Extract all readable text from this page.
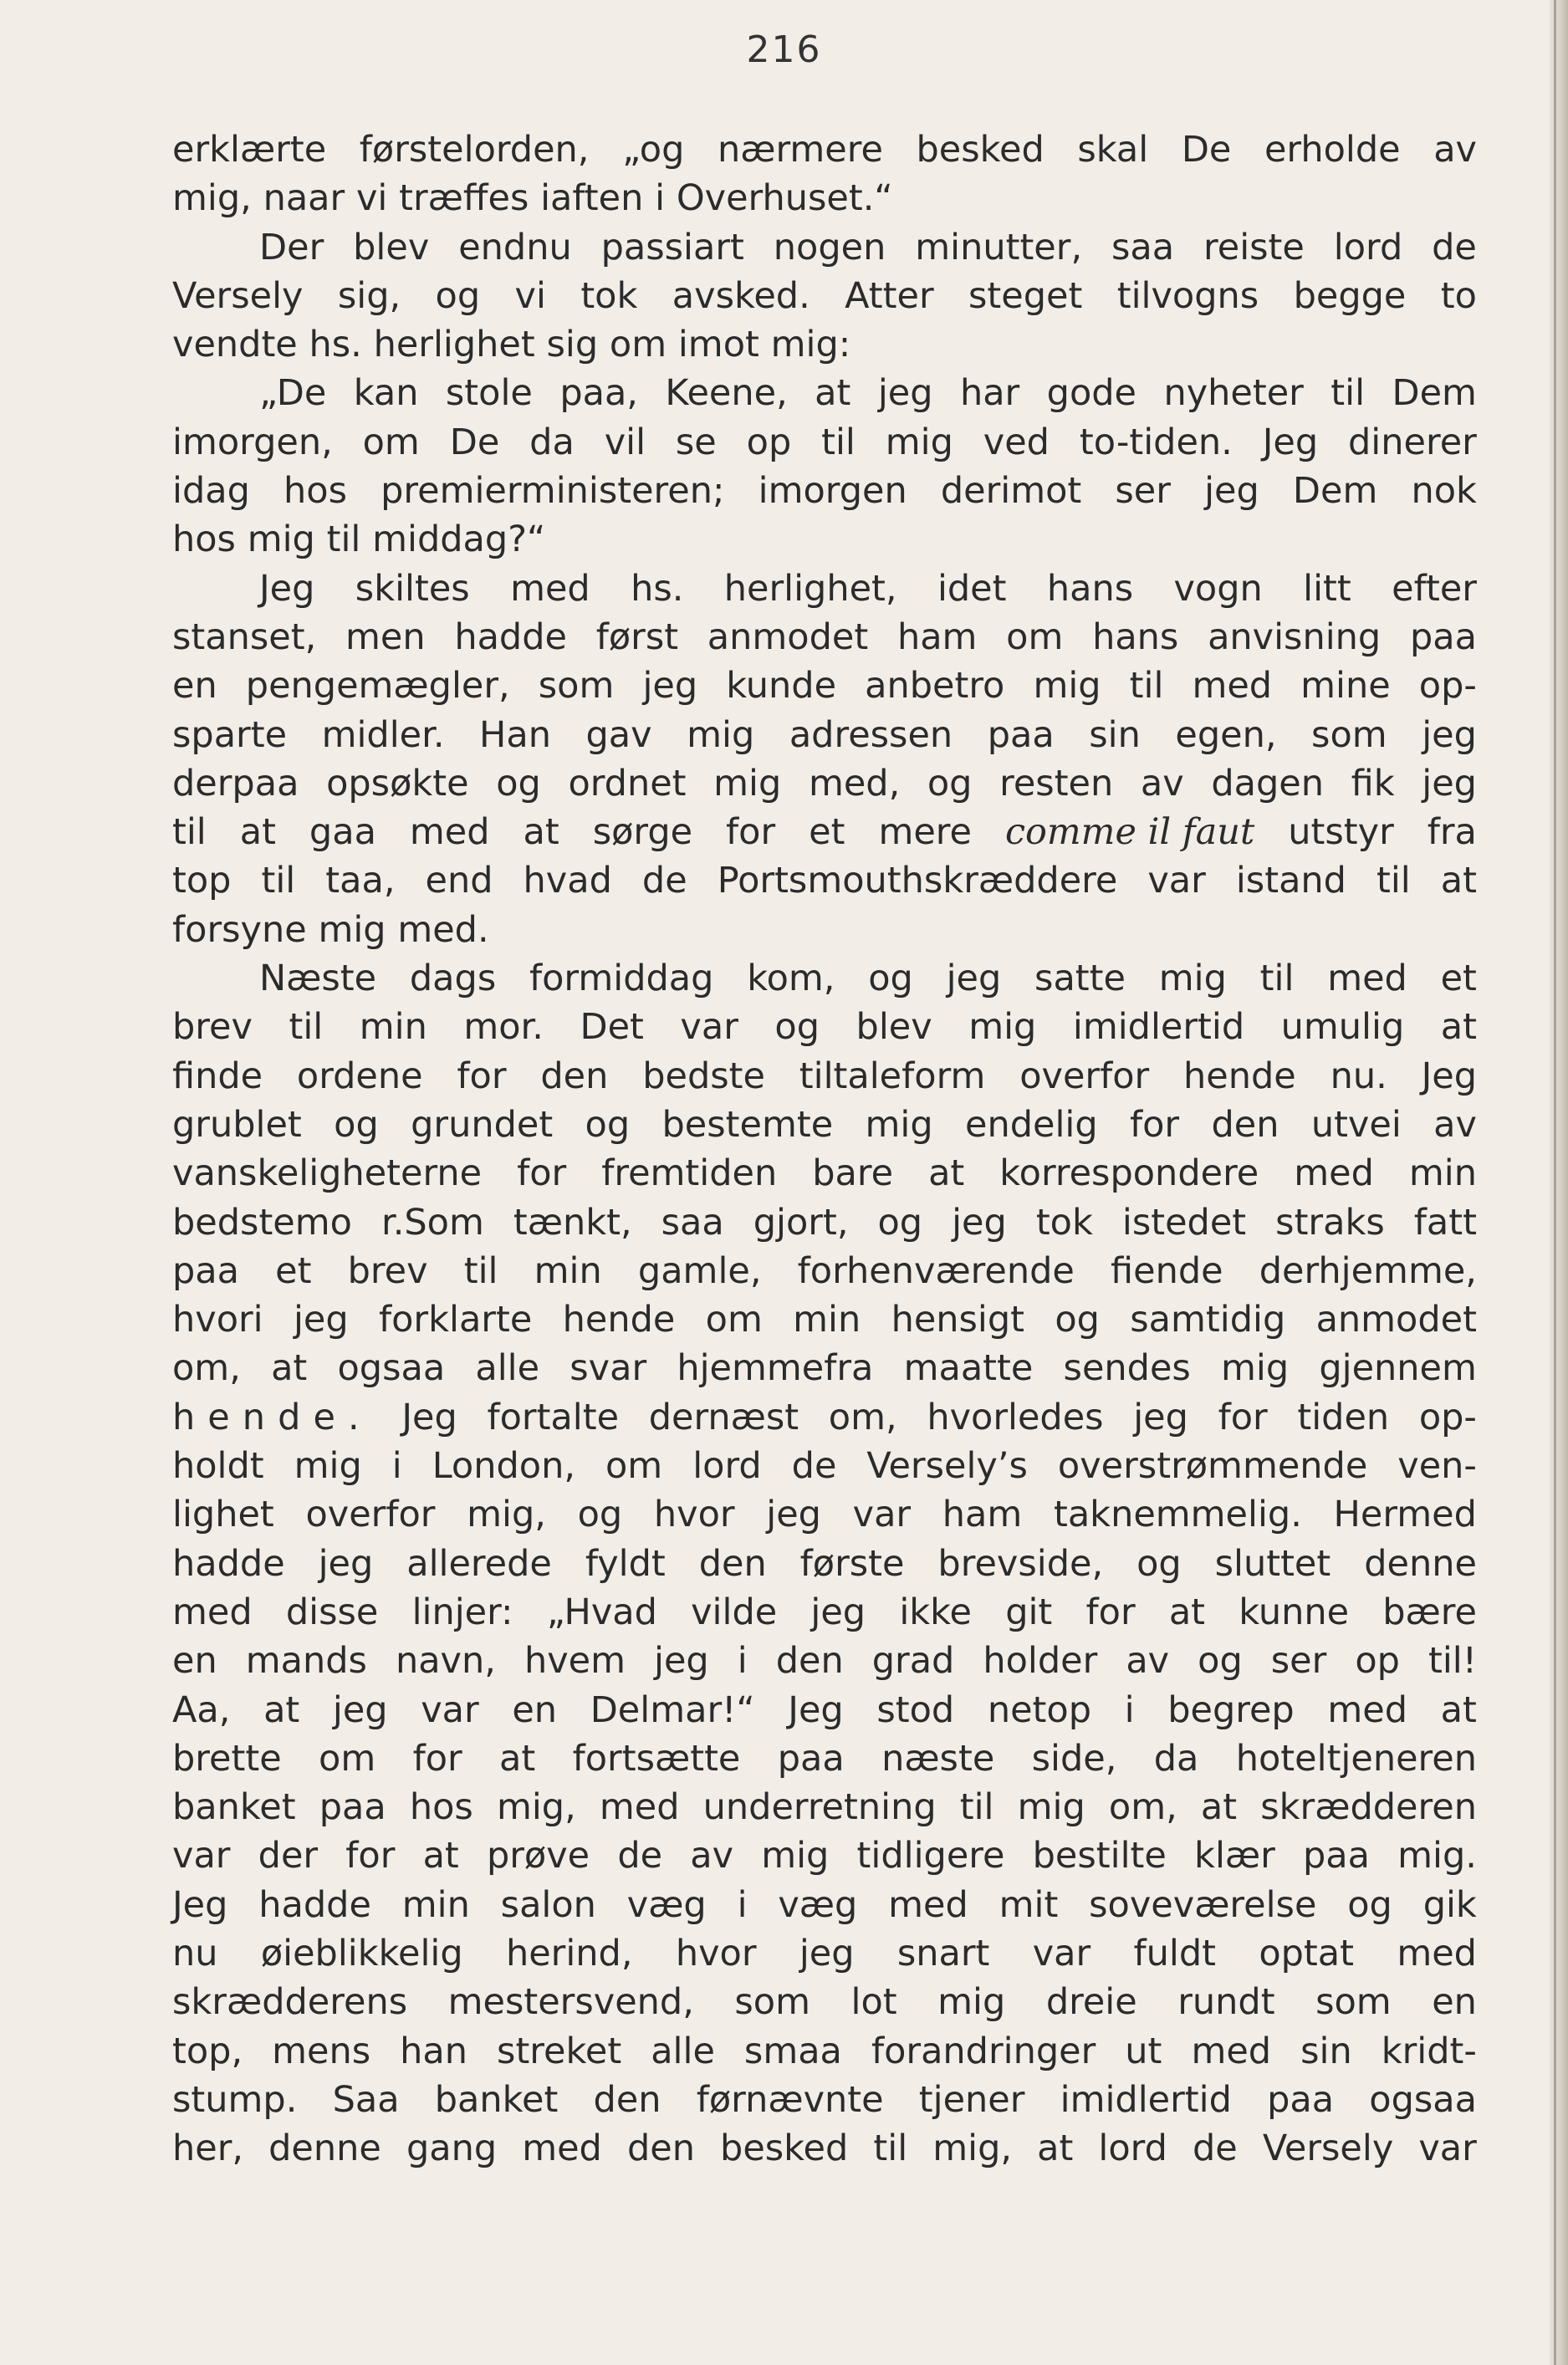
216
erklærte førstelorden, „og nærmere besked skal De erholde av
mig, naar vi træffes iaften i Overhuset.“
Der blev endnu passiart nogen minutter, saa reiste lord de
Versely sig, og vi tok avsked. Atter steget tilvogns begge to
vendte hs. herlighet sig om imot mig:
„De kan stole paa, Keene, at jeg har gode nyheter til Dem
imorgen, om De da vil se op til mig ved to-tiden. Jeg dinerer
idag hos premierministeren; imorgen derimot ser jeg Dem nok
hos mig til middag?“
Jeg skiltes med hs. herlighet, idet hans vogn litt efter
stanset, men hadde først anmodet ham om hans anvisning paa
en pengemægler, som jeg kunde anbetro mig til med mine op-
sparte midler. Han gav mig adressen paa sin egen, som jeg
derpaa opsøkte og ordnet mig med, og resten av dagen fik jeg
til at gaa med at sørge for et mere comme il faut utstyr fra
top til taa, end hvad de Portsmouthskræddere var istand til at
forsyne mig med.
Næste dags formiddag kom, og jeg satte mig til med et
brev til min mor. Det var og blev mig imidlertid umulig at
finde ordene for den bedste tiltaleform overfor hende nu. Jeg
grublet og grundet og bestemte mig endelig for den utvei av
vanskeligheterne for fremtiden bare at korrespondere med min
bedstemo r.Som tænkt, saa gjort, og jeg tok istedet straks fatt
paa et brev til min gamle, forhenværende fiende derhjemme,
hvori jeg forklarte hende om min hensigt og samtidig anmodet
om, at ogsaa alle svar hjemmefra maatte sendes mig gjennem
hende. Jeg fortalte dernæst om, hvorledes jeg for tiden op-
holdt mig i London, om lord de Versely’s overstrømmende ven-
lighet overfor mig, og hvor jeg var ham taknemmelig. Hermed
hadde jeg allerede fyldt den første brevside, og sluttet denne
med disse linjer: „Hvad vilde jeg ikke git for at kunne bære
en mands navn, hvem jeg i den grad holder av og ser op til!
Aa, at jeg var en Delmar!“ Jeg stod netop i begrep med at
brette om for at fortsætte paa næste side, da hoteltjeneren
banket paa hos mig, med underretning til mig om, at skrædderen
var der for at prøve de av mig tidligere bestilte klær paa mig.
Jeg hadde min salon væg i væg med mit soveværelse og gik
nu øieblikkelig herind, hvor jeg snart var fuldt optat med
skrædderens mestersvend, som lot mig dreie rundt som en
top, mens han streket alle smaa forandringer ut med sin kridt-
stump. Saa banket den førnævnte tjener imidlertid paa ogsaa
her, denne gang med den besked til mig, at lord de Versely var
